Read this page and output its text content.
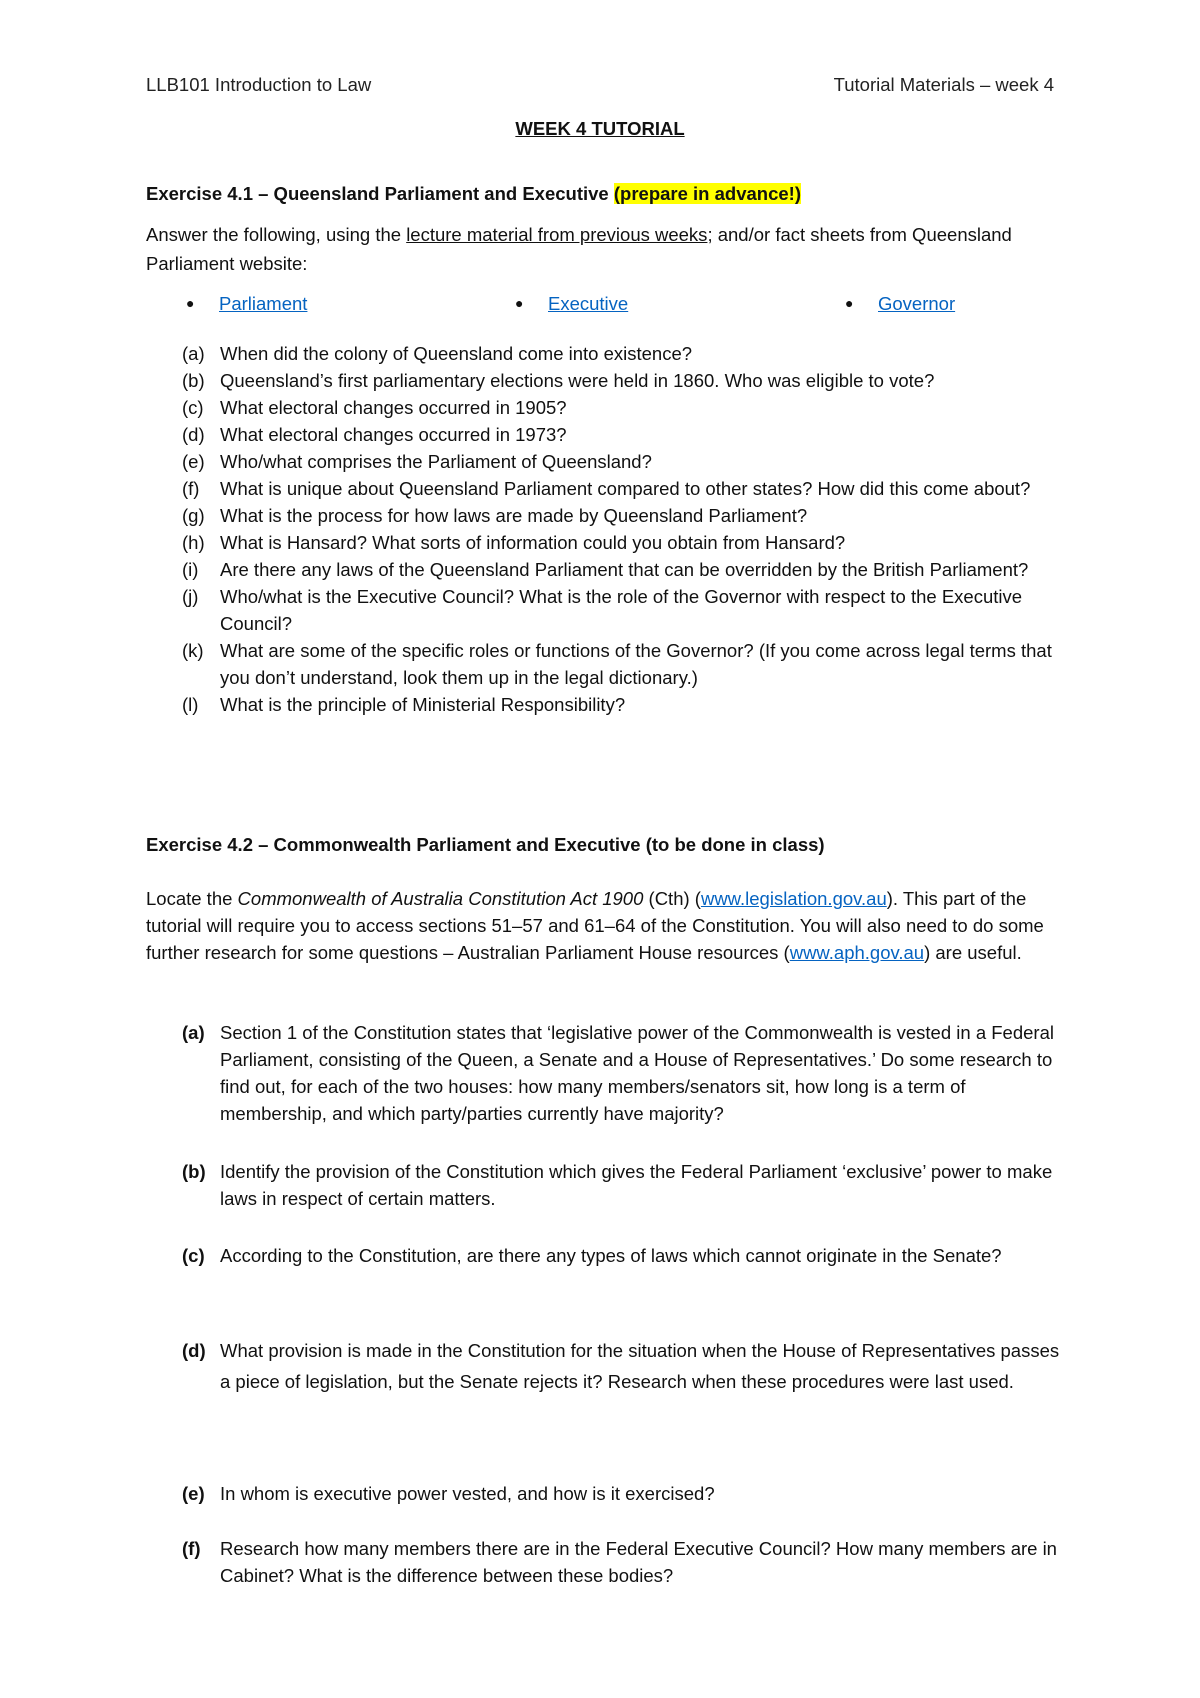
LLB101 Introduction to Law	Tutorial Materials – week 4
WEEK 4 TUTORIAL
Exercise 4.1 – Queensland Parliament and Executive (prepare in advance!)
Answer the following, using the lecture material from previous weeks; and/or fact sheets from Queensland Parliament website:
● Parliament	● Executive	● Governor
(a) When did the colony of Queensland come into existence?
(b) Queensland’s first parliamentary elections were held in 1860. Who was eligible to vote?
(c) What electoral changes occurred in 1905?
(d) What electoral changes occurred in 1973?
(e) Who/what comprises the Parliament of Queensland?
(f) What is unique about Queensland Parliament compared to other states? How did this come about?
(g) What is the process for how laws are made by Queensland Parliament?
(h) What is Hansard? What sorts of information could you obtain from Hansard?
(i) Are there any laws of the Queensland Parliament that can be overridden by the British Parliament?
(j) Who/what is the Executive Council? What is the role of the Governor with respect to the Executive Council?
(k) What are some of the specific roles or functions of the Governor? (If you come across legal terms that you don’t understand, look them up in the legal dictionary.)
(l) What is the principle of Ministerial Responsibility?
Exercise 4.2 – Commonwealth Parliament and Executive (to be done in class)
Locate the Commonwealth of Australia Constitution Act 1900 (Cth) (www.legislation.gov.au). This part of the tutorial will require you to access sections 51–57 and 61–64 of the Constitution. You will also need to do some further research for some questions – Australian Parliament House resources (www.aph.gov.au) are useful.
(a) Section 1 of the Constitution states that ‘legislative power of the Commonwealth is vested in a Federal Parliament, consisting of the Queen, a Senate and a House of Representatives.’ Do some research to find out, for each of the two houses: how many members/senators sit, how long is a term of membership, and which party/parties currently have majority?
(b) Identify the provision of the Constitution which gives the Federal Parliament ‘exclusive’ power to make laws in respect of certain matters.
(c) According to the Constitution, are there any types of laws which cannot originate in the Senate?
(d) What provision is made in the Constitution for the situation when the House of Representatives passes a piece of legislation, but the Senate rejects it? Research when these procedures were last used.
(e) In whom is executive power vested, and how is it exercised?
(f) Research how many members there are in the Federal Executive Council? How many members are in Cabinet? What is the difference between these bodies?
